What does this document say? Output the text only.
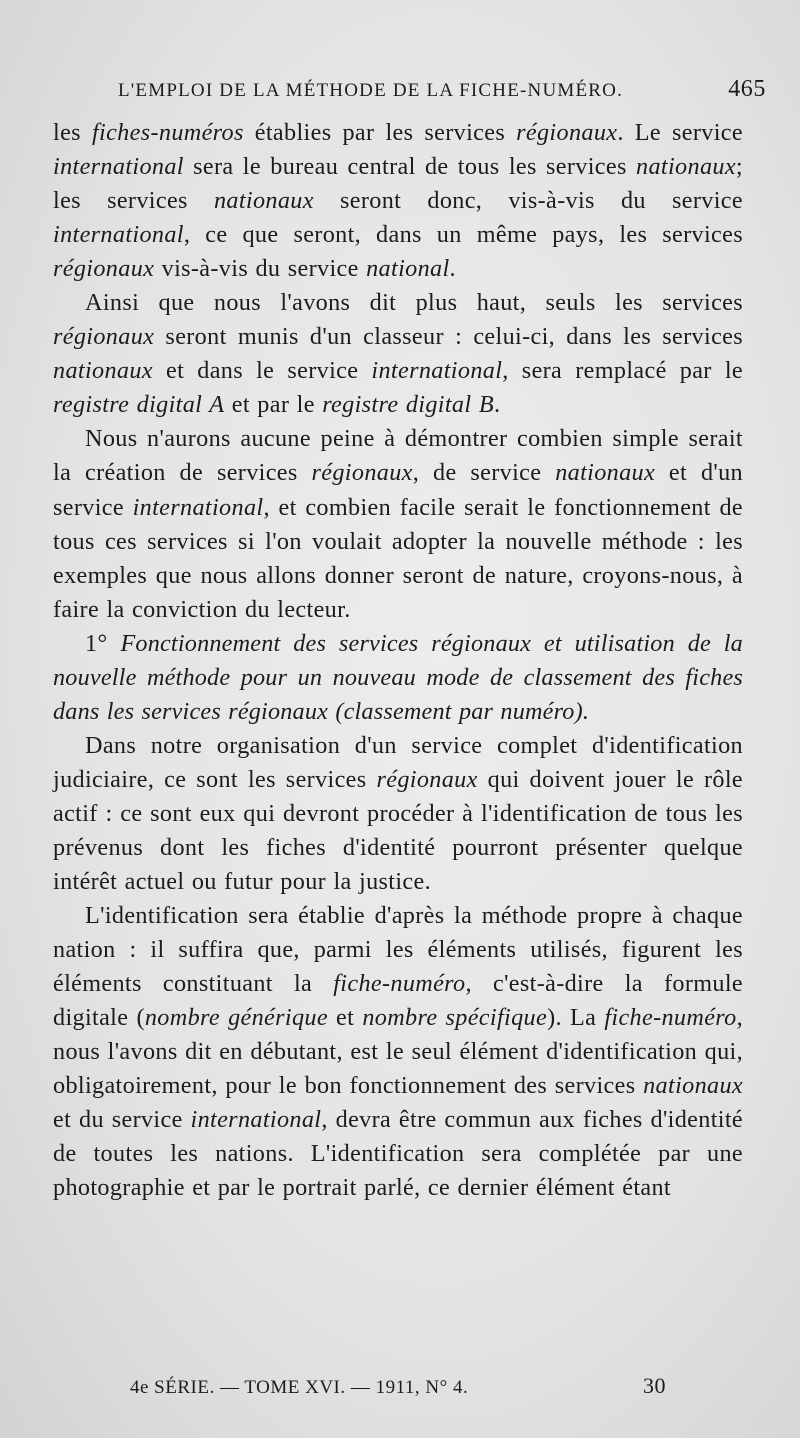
L'EMPLOI DE LA MÉTHODE DE LA FICHE-NUMÉRO.	465

les fiches-numéros établies par les services régionaux. Le service international sera le bureau central de tous les services nationaux; les services nationaux seront donc, vis-à-vis du service international, ce que seront, dans un même pays, les services régionaux vis-à-vis du service national.

Ainsi que nous l'avons dit plus haut, seuls les services régionaux seront munis d'un classeur : celui-ci, dans les services nationaux et dans le service international, sera remplacé par le registre digital A et par le registre digital B.

Nous n'aurons aucune peine à démontrer combien simple serait la création de services régionaux, de service nationaux et d'un service international, et combien facile serait le fonctionnement de tous ces services si l'on voulait adopter la nouvelle méthode : les exemples que nous allons donner seront de nature, croyons-nous, à faire la conviction du lecteur.

1° Fonctionnement des services régionaux et utilisation de la nouvelle méthode pour un nouveau mode de classement des fiches dans les services régionaux (classement par numéro).

Dans notre organisation d'un service complet d'identification judiciaire, ce sont les services régionaux qui doivent jouer le rôle actif : ce sont eux qui devront procéder à l'identification de tous les prévenus dont les fiches d'identité pourront présenter quelque intérêt actuel ou futur pour la justice.

L'identification sera établie d'après la méthode propre à chaque nation : il suffira que, parmi les éléments utilisés, figurent les éléments constituant la fiche-numéro, c'est-à-dire la formule digitale (nombre générique et nombre spécifique). La fiche-numéro, nous l'avons dit en débutant, est le seul élément d'identification qui, obligatoirement, pour le bon fonctionnement des services nationaux et du service international, devra être commun aux fiches d'identité de toutes les nations. L'identification sera complétée par une photographie et par le portrait parlé, ce dernier élément étant

4e SÉRIE. — TOME XVI. — 1911, N° 4.	30
